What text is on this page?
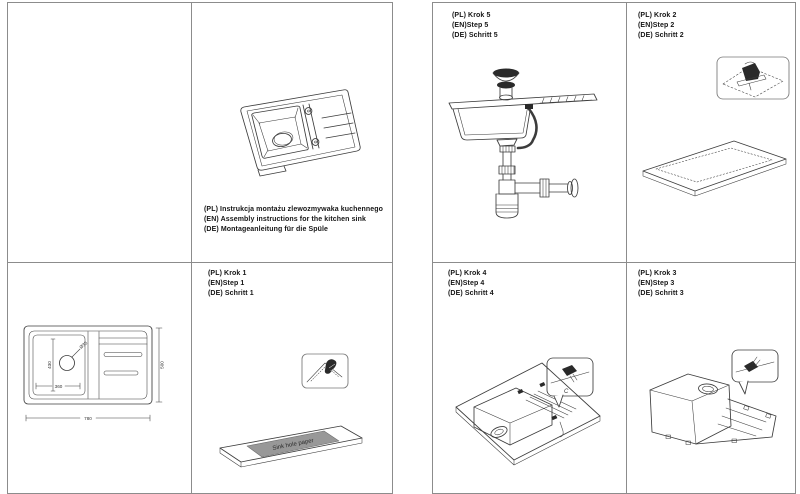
(PL) Instrukcja montażu zlewozmywaka kuchennego
(EN) Assembly instructions for the kitchen sink
(DE) Montageanleitung für die Spüle
430
360
Ø35
500
780
(PL) Krok 1
(EN)Step 1
(DE) Schritt 1
Sink hole paper
(PL) Krok 5
(EN)Step 5
(DE) Schritt 5
(PL) Krok 2
(EN)Step 2
(DE) Schritt 2
(PL) Krok 4
(EN)Step 4
(DE) Schritt 4
C
(PL) Krok 3
(EN)Step 3
(DE) Schritt 3
